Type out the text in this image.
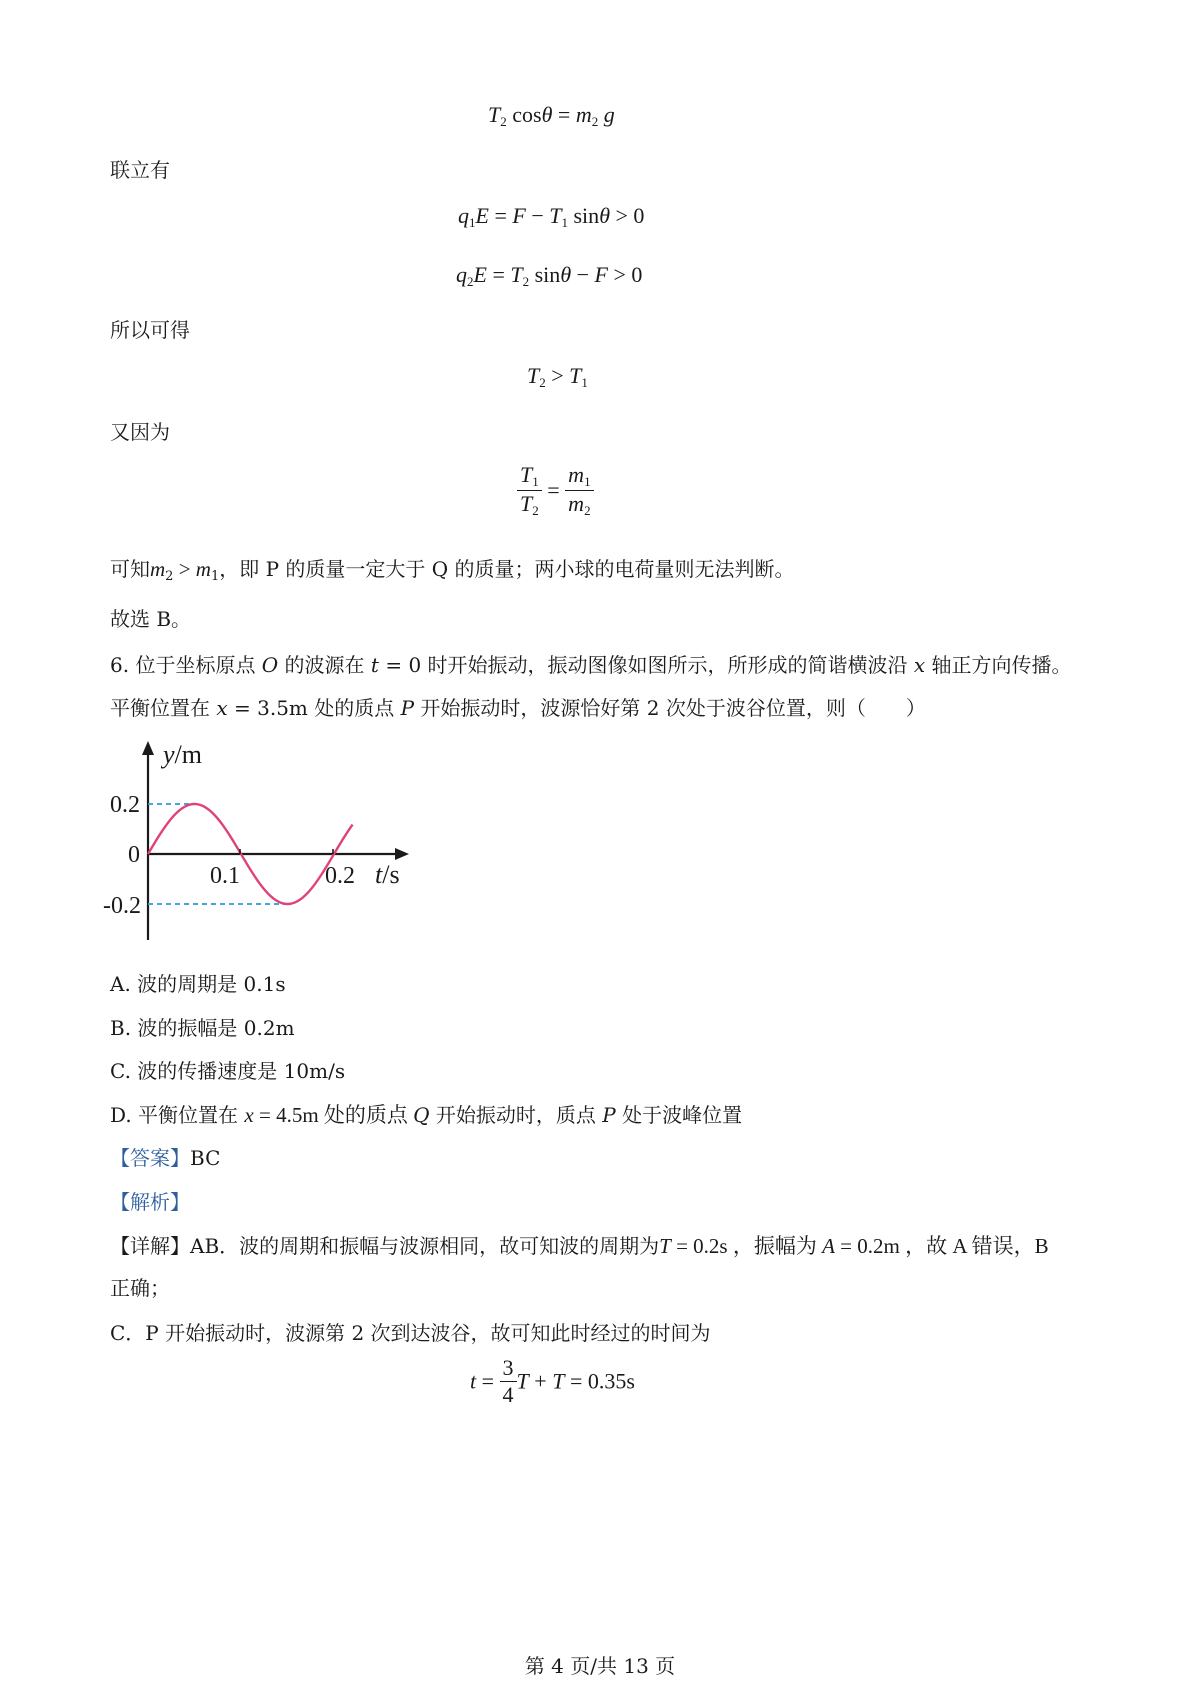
$T_2$ $\cos\theta = m_2$ g
联立有
$q_1E = F - T_1$ sinθ > 0
$q_2E = T_2$ sinθ − F > 0
所以可得
$T_2 > T_1$
又因为
$\frac{T_1}{T_2} = \frac{m_1}{m_2}$
可知$m_2 > m_1$，即 P 的质量一定大于 Q 的质量；两小球的电荷量则无法判断。
故选 B。
6. 位于坐标原点 O 的波源在 t = 0 时开始振动，振动图像如图所示，所形成的简谐横波沿 x 轴正方向传播。
平衡位置在 x = 3.5m 处的质点 P 开始振动时，波源恰好第 2 次处于波谷位置，则（　　）
y/m
t/s
0.2
0
-0.2
0.1	0.2
A. 波的周期是 0.1s
B. 波的振幅是 0.2m
C. 波的传播速度是 10m/s
D. 平衡位置在 x = 4.5m 处的质点 Q 开始振动时，质点 P 处于波峰位置
【答案】BC
【解析】
【详解】AB．波的周期和振幅与波源相同，故可知波的周期为T = 0.2s ，振幅为 A = 0.2m ，故 A 错误，B
正确；
C．P 开始振动时，波源第 2 次到达波谷，故可知此时经过的时间为
$t = \frac{3}{4}$ T + T = 0.35s
第 4 页/共 13 页
